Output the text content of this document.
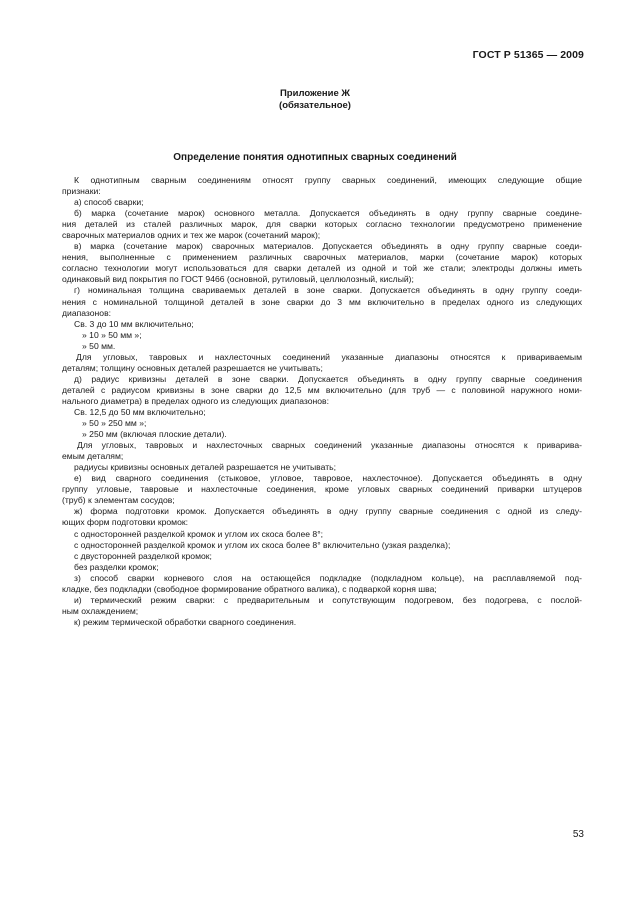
ГОСТ Р 51365 — 2009
Приложение Ж
(обязательное)
Определение понятия однотипных сварных соединений
К однотипным сварным соединениям относят группу сварных соединений, имеющих следующие общие
признаки:
а) способ сварки;
б) марка (сочетание марок) основного металла. Допускается объединять в одну группу сварные соедине-
ния деталей из сталей различных марок, для сварки которых согласно технологии предусмотрено применение
сварочных материалов одних и тех же марок (сочетаний марок);
в) марка (сочетание марок) сварочных материалов. Допускается объединять в одну группу сварные соеди-
нения, выполненные с применением различных сварочных материалов, марки (сочетание марок) которых
согласно технологии могут использоваться для сварки деталей из одной и той же стали; электроды должны иметь
одинаковый вид покрытия по ГОСТ 9466 (основной, рутиловый, целлюлозный, кислый);
г) номинальная толщина свариваемых деталей в зоне сварки. Допускается объединять в одну группу соеди-
нения с номинальной толщиной деталей в зоне сварки до 3 мм включительно в пределах одного из следующих
диапазонов:
Св. 3 до 10 мм включительно;
» 10 » 50 мм »;
» 50 мм.
Для угловых, тавровых и нахлесточных соединений указанные диапазоны относятся к привариваемым
деталям; толщину основных деталей разрешается не учитывать;
д) радиус кривизны деталей в зоне сварки. Допускается объединять в одну группу сварные соединения
деталей с радиусом кривизны в зоне сварки до 12,5 мм включительно (для труб — с половиной наружного номи-
нального диаметра) в пределах одного из следующих диапазонов:
Св. 12,5 до 50 мм включительно;
» 50 » 250 мм »;
» 250 мм (включая плоские детали).
Для угловых, тавровых и нахлесточных сварных соединений указанные диапазоны относятся к приварива-
емым деталям;
радиусы кривизны основных деталей разрешается не учитывать;
е) вид сварного соединения (стыковое, угловое, тавровое, нахлесточное). Допускается объединять в одну
группу угловые, тавровые и нахлесточные соединения, кроме угловых сварных соединений приварки штуцеров
(труб) к элементам сосудов;
ж) форма подготовки кромок. Допускается объединять в одну группу сварные соединения с одной из следу-
ющих форм подготовки кромок:
с односторонней разделкой кромок и углом их скоса более 8°;
с односторонней разделкой кромок и углом их скоса более 8° включительно (узкая разделка);
с двусторонней разделкой кромок;
без разделки кромок;
з) способ сварки корневого слоя на остающейся подкладке (подкладном кольце), на расплавляемой под-
кладке, без подкладки (свободное формирование обратного валика), с подваркой корня шва;
и) термический режим сварки: с предварительным и сопутствующим подогревом, без подогрева, с послой-
ным охлаждением;
к) режим термической обработки сварного соединения.
53
